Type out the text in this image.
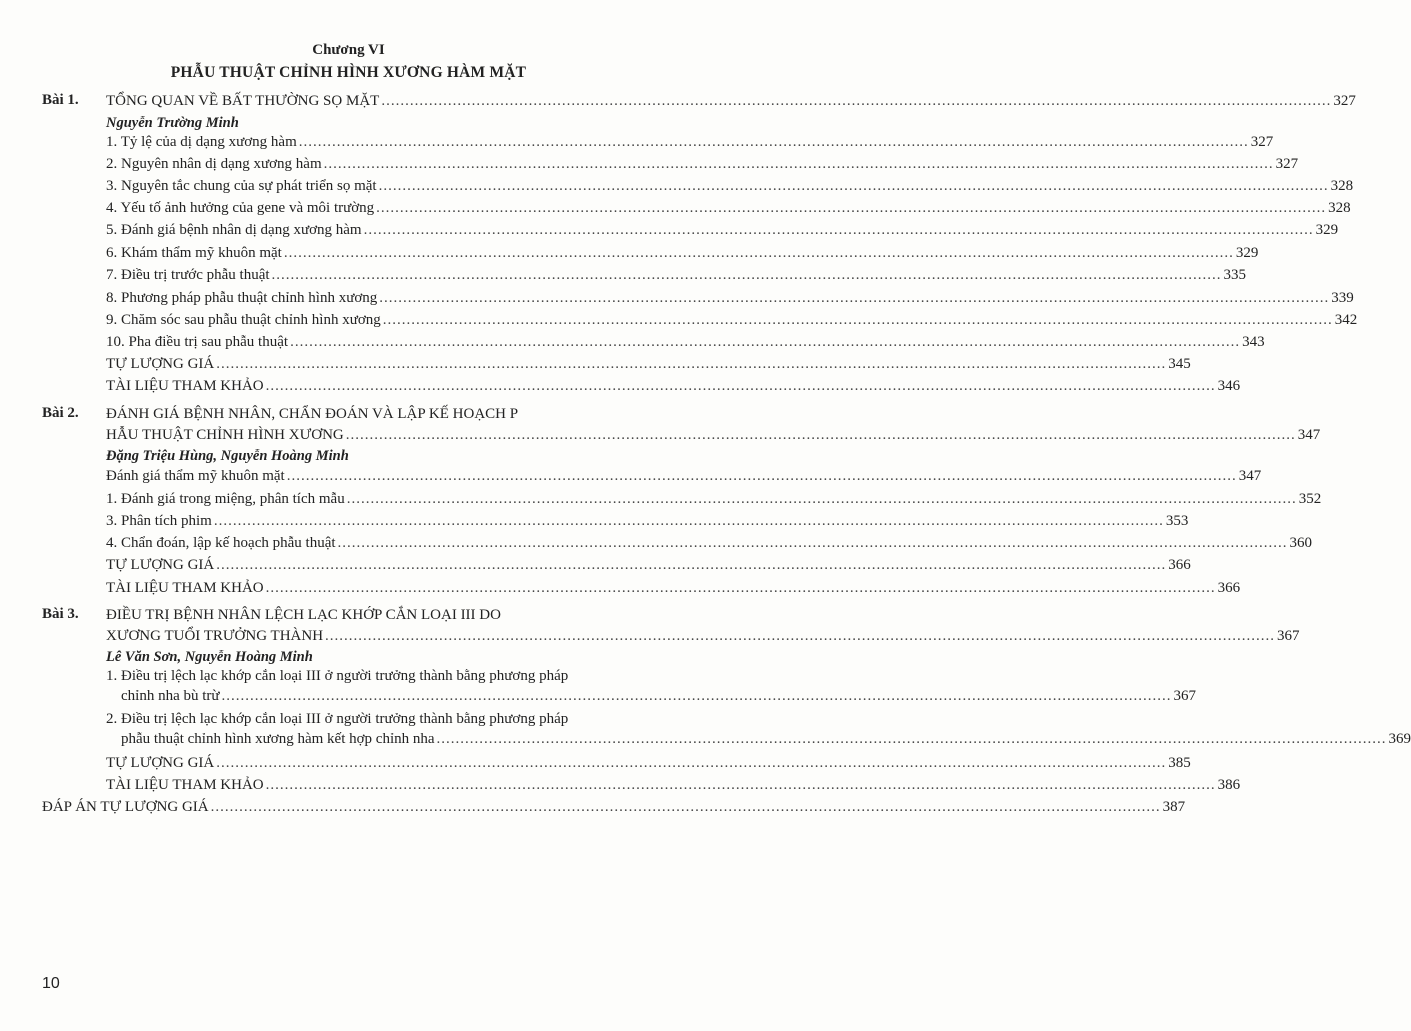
Chương VI
PHẪU THUẬT CHỈNH HÌNH XƯƠNG HÀM MẶT
Bài 1. TỔNG QUAN VỀ BẤT THƯỜNG SỌ MẶT ........................................................................................................................................................................................................ 327
Nguyễn Trường Minh
1. Tỷ lệ của dị dạng xương hàm ........................................................................................................................................................................................................ 327
2. Nguyên nhân dị dạng xương hàm ........................................................................................................................................................................................................ 327
3. Nguyên tắc chung của sự phát triển sọ mặt ........................................................................................................................................................................................................ 328
4. Yếu tố ảnh hưởng của gene và môi trường ........................................................................................................................................................................................................ 328
5. Đánh giá bệnh nhân dị dạng xương hàm ........................................................................................................................................................................................................ 329
6. Khám thẩm mỹ khuôn mặt ........................................................................................................................................................................................................ 329
7. Điều trị trước phẫu thuật ........................................................................................................................................................................................................ 335
8. Phương pháp phẫu thuật chỉnh hình xương ........................................................................................................................................................................................................ 339
9. Chăm sóc sau phẫu thuật chỉnh hình xương ........................................................................................................................................................................................................ 342
10. Pha điều trị sau phẫu thuật ........................................................................................................................................................................................................ 343
TỰ LƯỢNG GIÁ ........................................................................................................................................................................................................ 345
TÀI LIỆU THAM KHẢO ........................................................................................................................................................................................................ 346
Bài 2. ĐÁNH GIÁ BỆNH NHÂN, CHẨN ĐOÁN VÀ LẬP KẾ HOẠCH P
HẪU THUẬT CHỈNH HÌNH XƯƠNG ........................................................................................................................................................................................................ 347
Đặng Triệu Hùng, Nguyễn Hoàng Minh
Đánh giá thẩm mỹ khuôn mặt ........................................................................................................................................................................................................ 347
1. Đánh giá trong miệng, phân tích mẫu ........................................................................................................................................................................................................ 352
3. Phân tích phim ........................................................................................................................................................................................................ 353
4. Chẩn đoán, lập kế hoạch phẫu thuật ........................................................................................................................................................................................................ 360
TỰ LƯỢNG GIÁ ........................................................................................................................................................................................................ 366
TÀI LIỆU THAM KHẢO ........................................................................................................................................................................................................ 366
Bài 3. ĐIỀU TRỊ BỆNH NHÂN LỆCH LẠC KHỚP CẮN LOẠI III DO
XƯƠNG TUỔI TRƯỞNG THÀNH ........................................................................................................................................................................................................ 367
Lê Văn Sơn, Nguyễn Hoàng Minh
1. Điều trị lệch lạc khớp cắn loại III ở người trưởng thành bằng phương pháp
chỉnh nha bù trừ ........................................................................................................................................................................................................ 367
2. Điều trị lệch lạc khớp cắn loại III ở người trưởng thành bằng phương pháp
phẫu thuật chỉnh hình xương hàm kết hợp chỉnh nha ........................................................................................................................................................................................................ 369
TỰ LƯỢNG GIÁ ........................................................................................................................................................................................................ 385
TÀI LIỆU THAM KHẢO ........................................................................................................................................................................................................ 386
ĐÁP ÁN TỰ LƯỢNG GIÁ ........................................................................................................................................................................................................ 387
10
